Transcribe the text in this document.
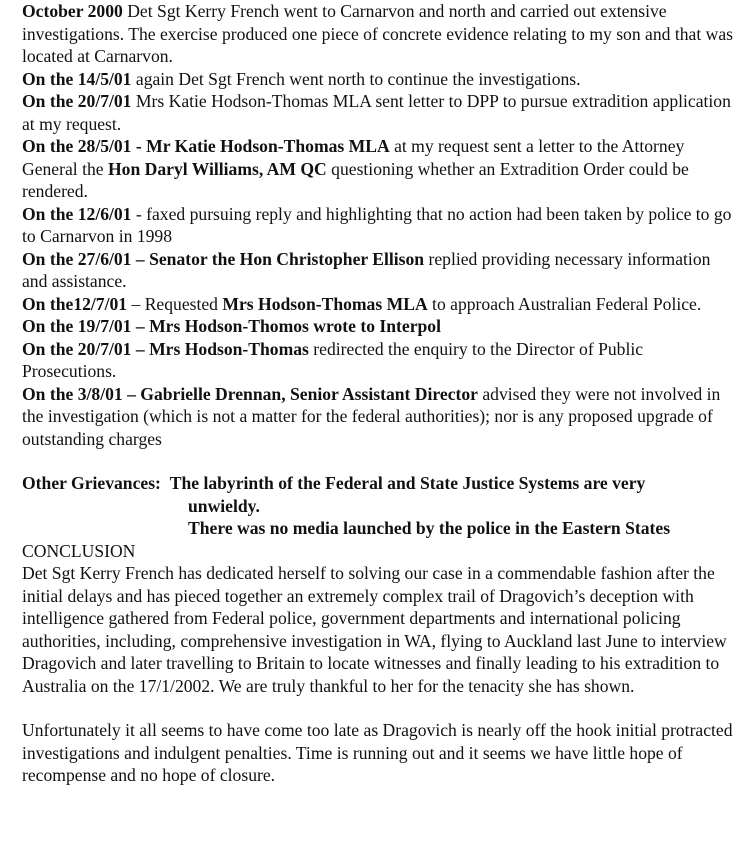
October 2000 Det Sgt Kerry French went to Carnarvon and north and carried out extensive investigations. The exercise produced one piece of concrete evidence relating to my son and that was located at Carnarvon.

On the 14/5/01 again Det Sgt French went north to continue the investigations.

On the 20/7/01 Mrs Katie Hodson-Thomas MLA sent letter to DPP to pursue extradition application at my request.

On the 28/5/01 - Mr Katie Hodson-Thomas MLA at my request sent a letter to the Attorney General the Hon Daryl Williams, AM QC questioning whether an Extradition Order could be rendered.

On the 12/6/01 - faxed pursuing reply and highlighting that no action had been taken by police to go to Carnarvon in 1998

On the 27/6/01 – Senator the Hon Christopher Ellison replied providing necessary information and assistance.

On the12/7/01 – Requested Mrs Hodson-Thomas MLA to approach Australian Federal Police.

On the 19/7/01 – Mrs Hodson-Thomos wrote to Interpol

On the 20/7/01 – Mrs Hodson-Thomas redirected the enquiry to the Director of Public Prosecutions.

On the 3/8/01 – Gabrielle Drennan, Senior Assistant Director advised they were not involved in the investigation (which is not a matter for the federal authorities); nor is any proposed upgrade of outstanding charges

Other Grievances: The labyrinth of the Federal and State Justice Systems are very
unwieldy.
There was no media launched by the police in the Eastern States
CONCLUSION

Det Sgt Kerry French has dedicated herself to solving our case in a commendable fashion after the initial delays and has pieced together an extremely complex trail of Dragovich’s deception with intelligence gathered from Federal police, government departments and international policing authorities, including, comprehensive investigation in WA, flying to Auckland last June to interview Dragovich and later travelling to Britain to locate witnesses and finally leading to his extradition to Australia on the 17/1/2002. We are truly thankful to her for the tenacity she has shown.

Unfortunately it all seems to have come too late as Dragovich is nearly off the hook initial protracted investigations and indulgent penalties. Time is running out and it seems we have little hope of recompense and no hope of closure.
